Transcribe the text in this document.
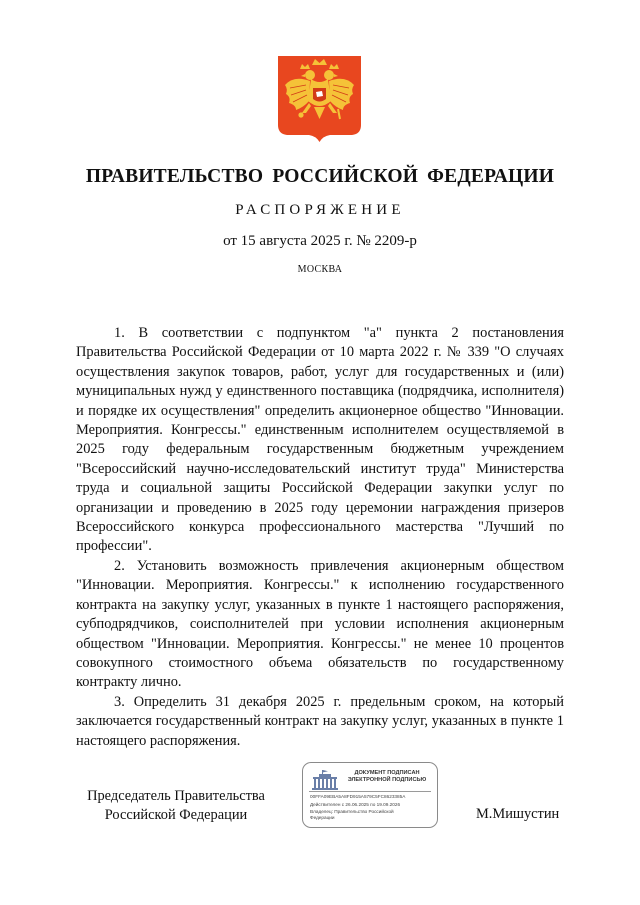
ПРАВИТЕЛЬСТВО РОССИЙСКОЙ ФЕДЕРАЦИИ
РАСПОРЯЖЕНИЕ
от 15 августа 2025 г. № 2209-р
МОСКВА

1. В соответствии с подпунктом "а" пункта 2 постановления Правительства Российской Федерации от 10 марта 2022 г. № 339 "О случаях осуществления закупок товаров, работ, услуг для государственных и (или) муниципальных нужд у единственного поставщика (подрядчика, исполнителя) и порядке их осуществления" определить акционерное общество "Инновации. Мероприятия. Конгрессы." единственным исполнителем осуществляемой в 2025 году федеральным государственным бюджетным учреждением "Всероссийский научно-исследовательский институт труда" Министерства труда и социальной защиты Российской Федерации закупки услуг по организации и проведению в 2025 году церемонии награждения призеров Всероссийского конкурса профессионального мастерства "Лучший по профессии".

2. Установить возможность привлечения акционерным обществом "Инновации. Мероприятия. Конгрессы." к исполнению государственного контракта на закупку услуг, указанных в пункте 1 настоящего распоряжения, субподрядчиков, соисполнителей при условии исполнения акционерным обществом "Инновации. Мероприятия. Конгрессы." не менее 10 процентов совокупного стоимостного объема обязательств по государственному контракту лично.

3. Определить 31 декабря 2025 г. предельным сроком, на который заключается государственный контракт на закупку услуг, указанных в пункте 1 настоящего распоряжения.

Председатель Правительства
Российской Федерации
ДОКУМЕНТ ПОДПИСАН
ЭЛЕКТРОННОЙ ПОДПИСЬЮ
00FFA09EBA5A8FD915A579C5FC8623385A
Действителен с 26.06.2025 по 19.09.2026
Владелец: Правительство Российской
Федерации	М.Мишустин
